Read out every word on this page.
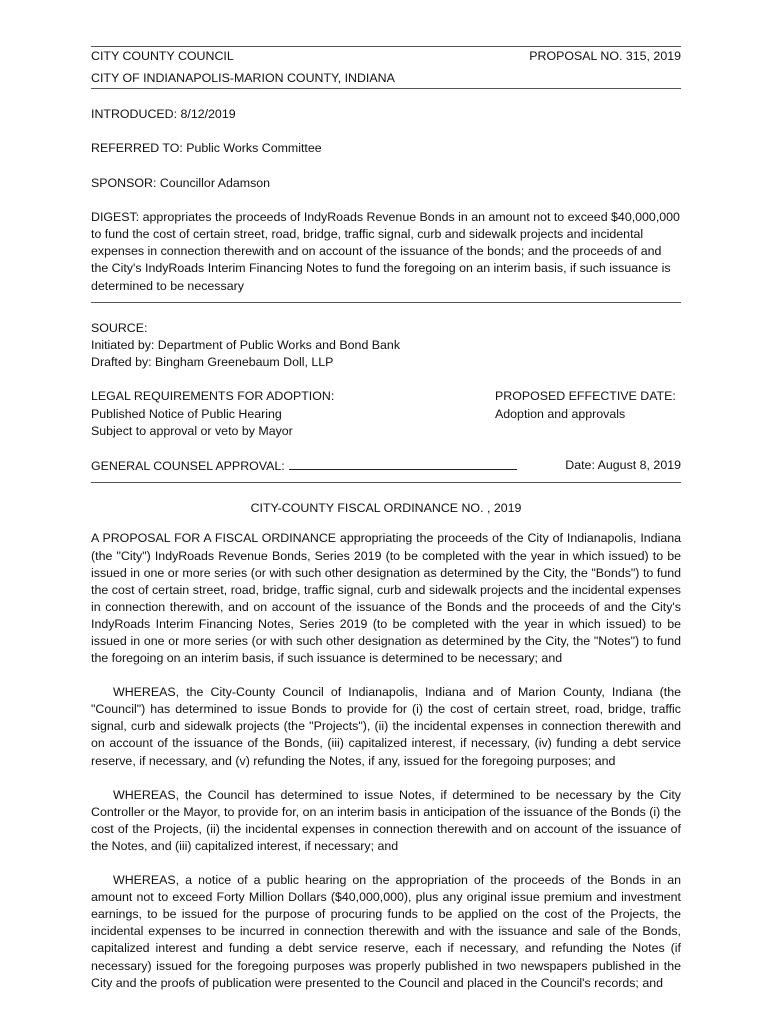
CITY COUNTY COUNCIL	PROPOSAL NO. 315, 2019
CITY OF INDIANAPOLIS-MARION COUNTY, INDIANA
INTRODUCED: 8/12/2019
REFERRED TO: Public Works Committee
SPONSOR: Councillor Adamson
DIGEST: appropriates the proceeds of IndyRoads Revenue Bonds in an amount not to exceed $40,000,000 to fund the cost of certain street, road, bridge, traffic signal, curb and sidewalk projects and incidental expenses in connection therewith and on account of the issuance of the bonds; and the proceeds of and the City's IndyRoads Interim Financing Notes to fund the foregoing on an interim basis, if such issuance is determined to be necessary
SOURCE:
Initiated by: Department of Public Works and Bond Bank
Drafted by: Bingham Greenebaum Doll, LLP
LEGAL REQUIREMENTS FOR ADOPTION:
Published Notice of Public Hearing
Subject to approval or veto by Mayor
PROPOSED EFFECTIVE DATE:
Adoption and approvals
GENERAL COUNSEL APPROVAL:	Date: August 8, 2019
CITY-COUNTY FISCAL ORDINANCE NO. , 2019
A PROPOSAL FOR A FISCAL ORDINANCE appropriating the proceeds of the City of Indianapolis, Indiana (the "City") IndyRoads Revenue Bonds, Series 2019 (to be completed with the year in which issued) to be issued in one or more series (or with such other designation as determined by the City, the "Bonds") to fund the cost of certain street, road, bridge, traffic signal, curb and sidewalk projects and the incidental expenses in connection therewith, and on account of the issuance of the Bonds and the proceeds of and the City's IndyRoads Interim Financing Notes, Series 2019 (to be completed with the year in which issued) to be issued in one or more series (or with such other designation as determined by the City, the "Notes") to fund the foregoing on an interim basis, if such issuance is determined to be necessary; and
WHEREAS, the City-County Council of Indianapolis, Indiana and of Marion County, Indiana (the "Council") has determined to issue Bonds to provide for (i) the cost of certain street, road, bridge, traffic signal, curb and sidewalk projects (the "Projects"), (ii) the incidental expenses in connection therewith and on account of the issuance of the Bonds, (iii) capitalized interest, if necessary, (iv) funding a debt service reserve, if necessary, and (v) refunding the Notes, if any, issued for the foregoing purposes; and
WHEREAS, the Council has determined to issue Notes, if determined to be necessary by the City Controller or the Mayor, to provide for, on an interim basis in anticipation of the issuance of the Bonds (i) the cost of the Projects, (ii) the incidental expenses in connection therewith and on account of the issuance of the Notes, and (iii) capitalized interest, if necessary; and
WHEREAS, a notice of a public hearing on the appropriation of the proceeds of the Bonds in an amount not to exceed Forty Million Dollars ($40,000,000), plus any original issue premium and investment earnings, to be issued for the purpose of procuring funds to be applied on the cost of the Projects, the incidental expenses to be incurred in connection therewith and with the issuance and sale of the Bonds, capitalized interest and funding a debt service reserve, each if necessary, and refunding the Notes (if necessary) issued for the foregoing purposes was properly published in two newspapers published in the City and the proofs of publication were presented to the Council and placed in the Council's records; and
